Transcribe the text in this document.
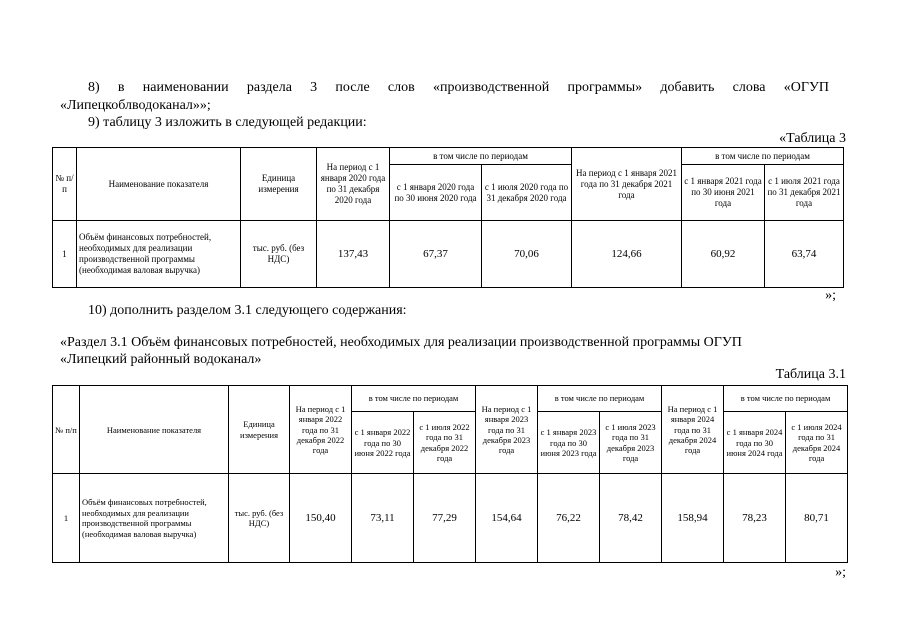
8) в наименовании раздела 3 после слов «производственной программы» добавить слова «ОГУП
«Липецкоблводоканал»»;
9) таблицу 3 изложить в следующей редакции:
«Таблица 3
№ п/п	Наименование показателя	Единица измерения	На период с 1 января 2020 года по 31 декабря 2020 года	в том числе по периодам		На период с 1 января 2021 года по 31 декабря 2021 года	в том числе по периодам	
				с 1 января 2020 года по 30 июня 2020 года	с 1 июля 2020 года по 31 декабря 2020 года		с 1 января 2021 года по 30 июня 2021 года	с 1 июля 2021 года по 31 декабря 2021 года
1	Объём финансовых потребностей, необходимых для реализации производственной программы (необходимая валовая выручка)	тыс. руб. (без НДС)	137,43	67,37	70,06	124,66	60,92	63,74
»;
10) дополнить разделом 3.1 следующего содержания:
«Раздел 3.1 Объём финансовых потребностей, необходимых для реализации производственной программы ОГУП
«Липецкий районный водоканал»
Таблица 3.1
№ п/п	Наименование показателя	Единица измерения	На период с 1 января 2022 года по 31 декабря 2022 года	в том числе по периодам		На период с 1 января 2023 года по 31 декабря 2023 года	в том числе по периодам		На период с 1 января 2024 года по 31 декабря 2024 года	в том числе по периодам	
				с 1 января 2022 года по 30 июня 2022 года	с 1 июля 2022 года по 31 декабря 2022 года		с 1 января 2023 года по 30 июня 2023 года	с 1 июля 2023 года по 31 декабря 2023 года		с 1 января 2024 года по 30 июня 2024 года	с 1 июля 2024 года по 31 декабря 2024 года
1	Объём финансовых потребностей, необходимых для реализации производственной программы (необходимая валовая выручка)	тыс. руб. (без НДС)	150,40	73,11	77,29	154,64	76,22	78,42	158,94	78,23	80,71
»;
